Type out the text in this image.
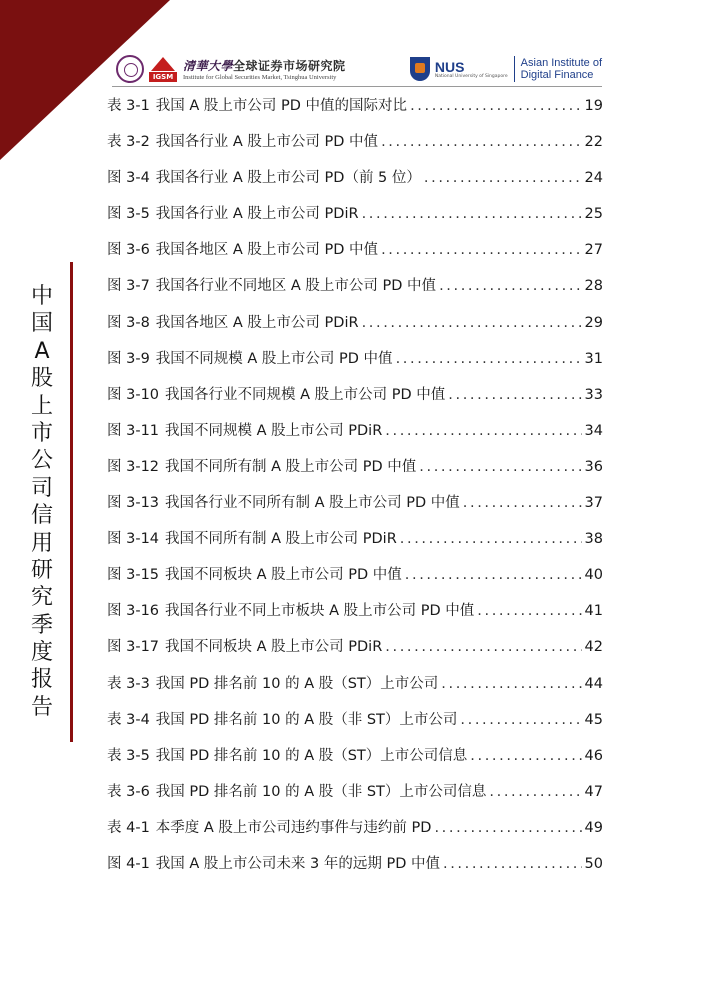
IGSM
清華大學全球证券市场研究院
Institute for Global Securities Market, Tsinghua University
NUS
National University of Singapore
Asian Institute of
Digital Finance
中
国
A
股
上
市
公
司
信
用
研
究
季
度
报
告
表 3-1 我国 A 股上市公司 PD 中值的国际对比 .....	19
表 3-2 我国各行业 A 股上市公司 PD 中值 .....	22
图 3-4 我国各行业 A 股上市公司 PD（前 5 位） .....	24
图 3-5 我国各行业 A 股上市公司 PDiR .....	25
图 3-6 我国各地区 A 股上市公司 PD 中值 .....	27
图 3-7 我国各行业不同地区 A 股上市公司 PD 中值 .....	28
图 3-8 我国各地区 A 股上市公司 PDiR .....	29
图 3-9 我国不同规模 A 股上市公司 PD 中值 .....	31
图 3-10 我国各行业不同规模 A 股上市公司 PD 中值 .....	33
图 3-11 我国不同规模 A 股上市公司 PDiR .....	34
图 3-12 我国不同所有制 A 股上市公司 PD 中值 .....	36
图 3-13 我国各行业不同所有制 A 股上市公司 PD 中值 .....	37
图 3-14 我国不同所有制 A 股上市公司 PDiR .....	38
图 3-15 我国不同板块 A 股上市公司 PD 中值 .....	40
图 3-16 我国各行业不同上市板块 A 股上市公司 PD 中值 .....	41
图 3-17 我国不同板块 A 股上市公司 PDiR .....	42
表 3-3 我国 PD 排名前 10 的 A 股（ST）上市公司 .....	44
表 3-4 我国 PD 排名前 10 的 A 股（非 ST）上市公司 .....	45
表 3-5 我国 PD 排名前 10 的 A 股（ST）上市公司信息 .....	46
表 3-6 我国 PD 排名前 10 的 A 股（非 ST）上市公司信息 .....	47
表 4-1 本季度 A 股上市公司违约事件与违约前 PD .....	49
图 4-1 我国 A 股上市公司未来 3 年的远期 PD 中值 .....	50
